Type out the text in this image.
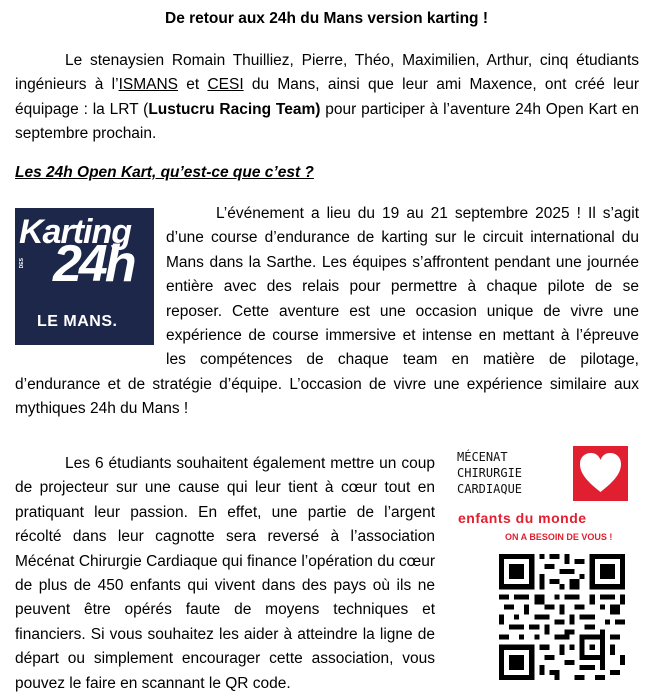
De retour aux 24h du Mans version karting !

Le stenaysien Romain Thuilliez, Pierre, Théo, Maximilien, Arthur, cinq étudiants ingénieurs à l’ISMANS et CESI du Mans, ainsi que leur ami Maxence, ont créé leur équipage : la LRT (Lustucru Racing Team) pour participer à l’aventure 24h Open Kart en septembre prochain.

Les 24h Open Kart, qu’est-ce que c’est ?

Karting
DES 24h
LE MANS.
L’événement a lieu du 19 au 21 septembre 2025 ! Il s’agit d’une course d’endurance de karting sur le circuit international du Mans dans la Sarthe. Les équipes s’affrontent pendant une journée entière avec des relais pour permettre à chaque pilote de se reposer. Cette aventure est une occasion unique de vivre une expérience de course immersive et intense en mettant à l’épreuve les compétences de chaque team en matière de pilotage, d’endurance et de stratégie d’équipe. L’occasion de vivre une expérience similaire aux mythiques 24h du Mans !

Les 6 étudiants souhaitent également mettre un coup de projecteur sur une cause qui leur tient à cœur tout en pratiquant leur passion. En effet, une partie de l’argent récolté dans leur cagnotte sera reversé à l’association Mécénat Chirurgie Cardiaque qui finance l’opération du cœur de plus de 450 enfants qui vivent dans des pays où ils ne peuvent être opérés faute de moyens techniques et financiers. Si vous souhaitez les aider à atteindre la ligne de départ ou simplement encourager cette association, vous pouvez le faire en scannant le QR code.

MÉCENAT
CHIRURGIE
CARDIAQUE
enfants du monde
ON A BESOIN DE VOUS !
